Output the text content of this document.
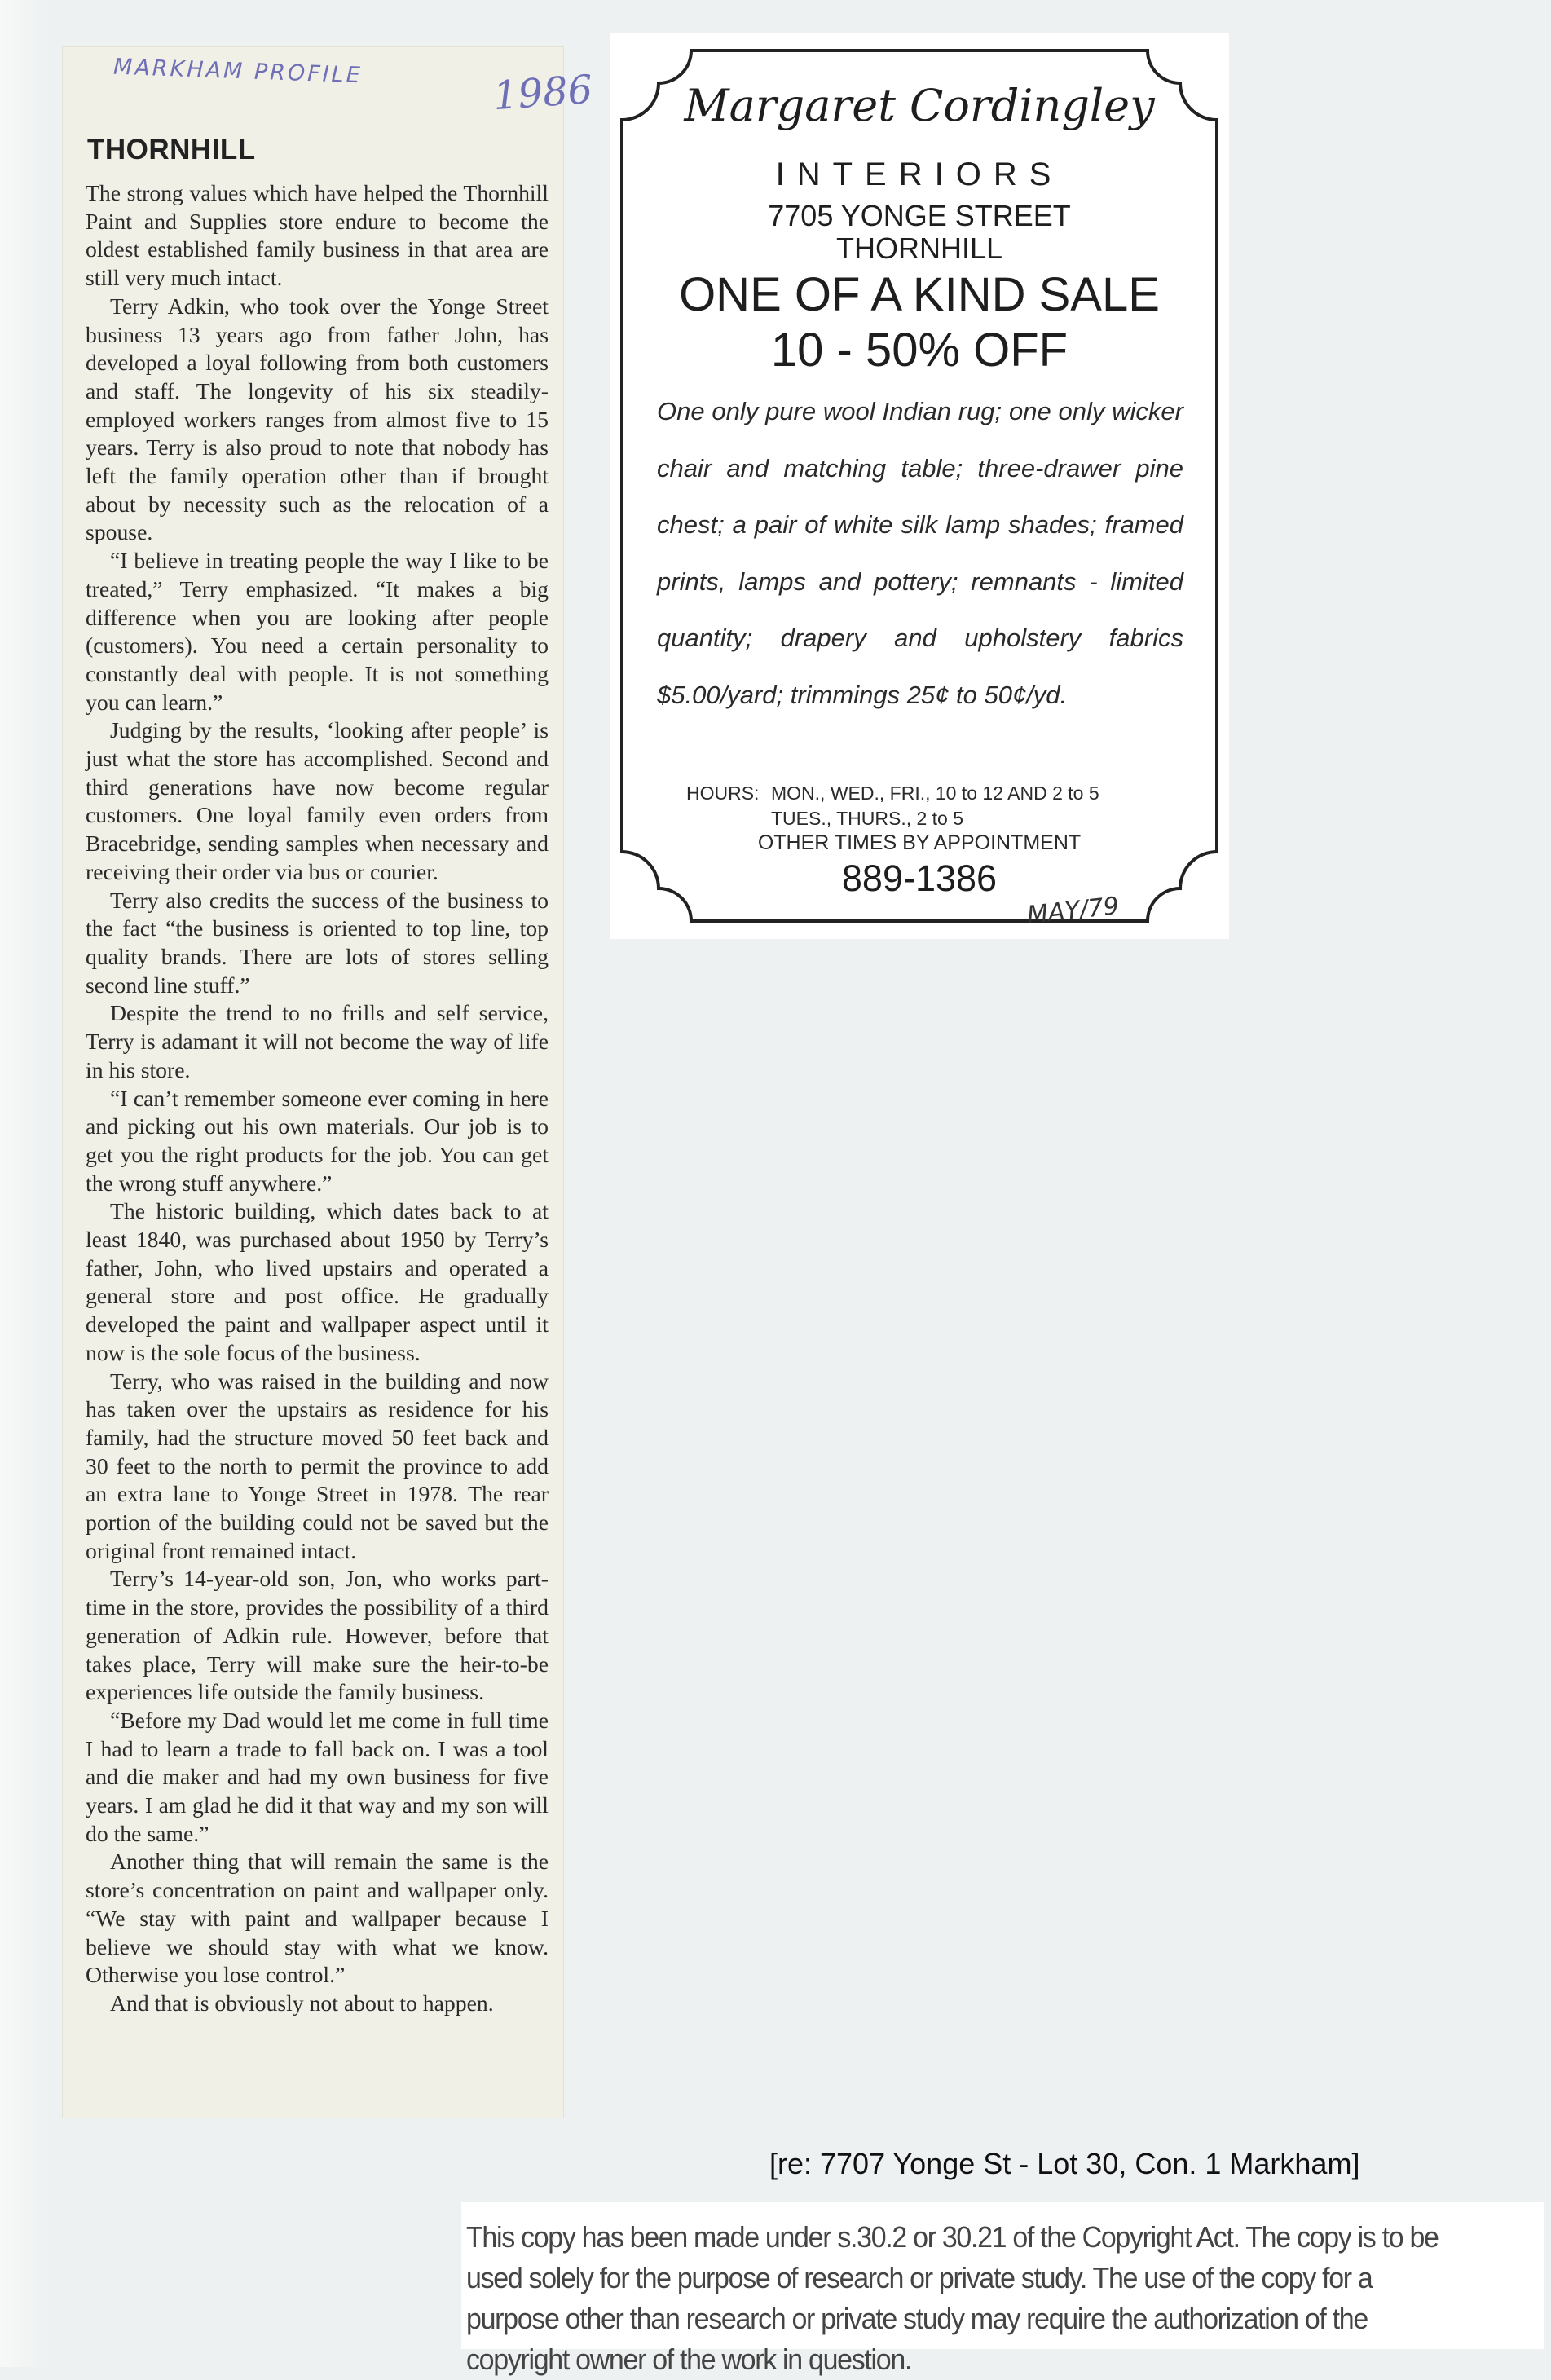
MARKHAM PROFILE	1986
THORNHILL

The strong values which have helped the Thornhill Paint and Supplies store endure to become the oldest established family business in that area are still very much intact.

Terry Adkin, who took over the Yonge Street business 13 years ago from father John, has developed a loyal following from both customers and staff. The longevity of his six steadily-employed workers ranges from almost five to 15 years. Terry is also proud to note that nobody has left the family operation other than if brought about by necessity such as the relocation of a spouse.

“I believe in treating people the way I like to be treated,” Terry emphasized. “It makes a big difference when you are looking after people (customers). You need a certain personality to constantly deal with people. It is not something you can learn.”

Judging by the results, ‘looking after people’ is just what the store has accomplished. Second and third generations have now become regular customers. One loyal family even orders from Bracebridge, sending samples when necessary and receiving their order via bus or courier.

Terry also credits the success of the business to the fact “the business is oriented to top line, top quality brands. There are lots of stores selling second line stuff.”

Despite the trend to no frills and self service, Terry is adamant it will not become the way of life in his store.

“I can’t remember someone ever coming in here and picking out his own materials. Our job is to get you the right products for the job. You can get the wrong stuff anywhere.”

The historic building, which dates back to at least 1840, was purchased about 1950 by Terry’s father, John, who lived upstairs and operated a general store and post office. He gradually developed the paint and wallpaper aspect until it now is the sole focus of the business.

Terry, who was raised in the building and now has taken over the upstairs as residence for his family, had the structure moved 50 feet back and 30 feet to the north to permit the province to add an extra lane to Yonge Street in 1978. The rear portion of the building could not be saved but the original front remained intact.

Terry’s 14-year-old son, Jon, who works part-time in the store, provides the possibility of a third generation of Adkin rule. However, before that takes place, Terry will make sure the heir-to-be experiences life outside the family business.

“Before my Dad would let me come in full time I had to learn a trade to fall back on. I was a tool and die maker and had my own business for five years. I am glad he did it that way and my son will do the same.”

Another thing that will remain the same is the store’s concentration on paint and wallpaper only. “We stay with paint and wallpaper because I believe we should stay with what we know. Otherwise you lose control.”

And that is obviously not about to happen.

Margaret Cordingley
INTERIORS
7705 YONGE STREET
THORNHILL
ONE OF A KIND SALE
10 - 50% OFF

One only pure wool Indian rug; one only wicker chair and matching table; three-drawer pine chest; a pair of white silk lamp shades; framed prints, lamps and pottery; remnants - limited quantity; drapery and upholstery fabrics $5.00/yard; trimmings 25¢ to 50¢/yd.

HOURS: MON., WED., FRI., 10 to 12 AND 2 to 5
TUES., THURS., 2 to 5
OTHER TIMES BY APPOINTMENT
889-1386
MAY/79
[re: 7707 Yonge St - Lot 30, Con. 1 Markham]

This copy has been made under s.30.2 or 30.21 of the Copyright Act. The copy is to be used solely for the purpose of research or private study. The use of the copy for a purpose other than research or private study may require the authorization of the copyright owner of the work in question.
